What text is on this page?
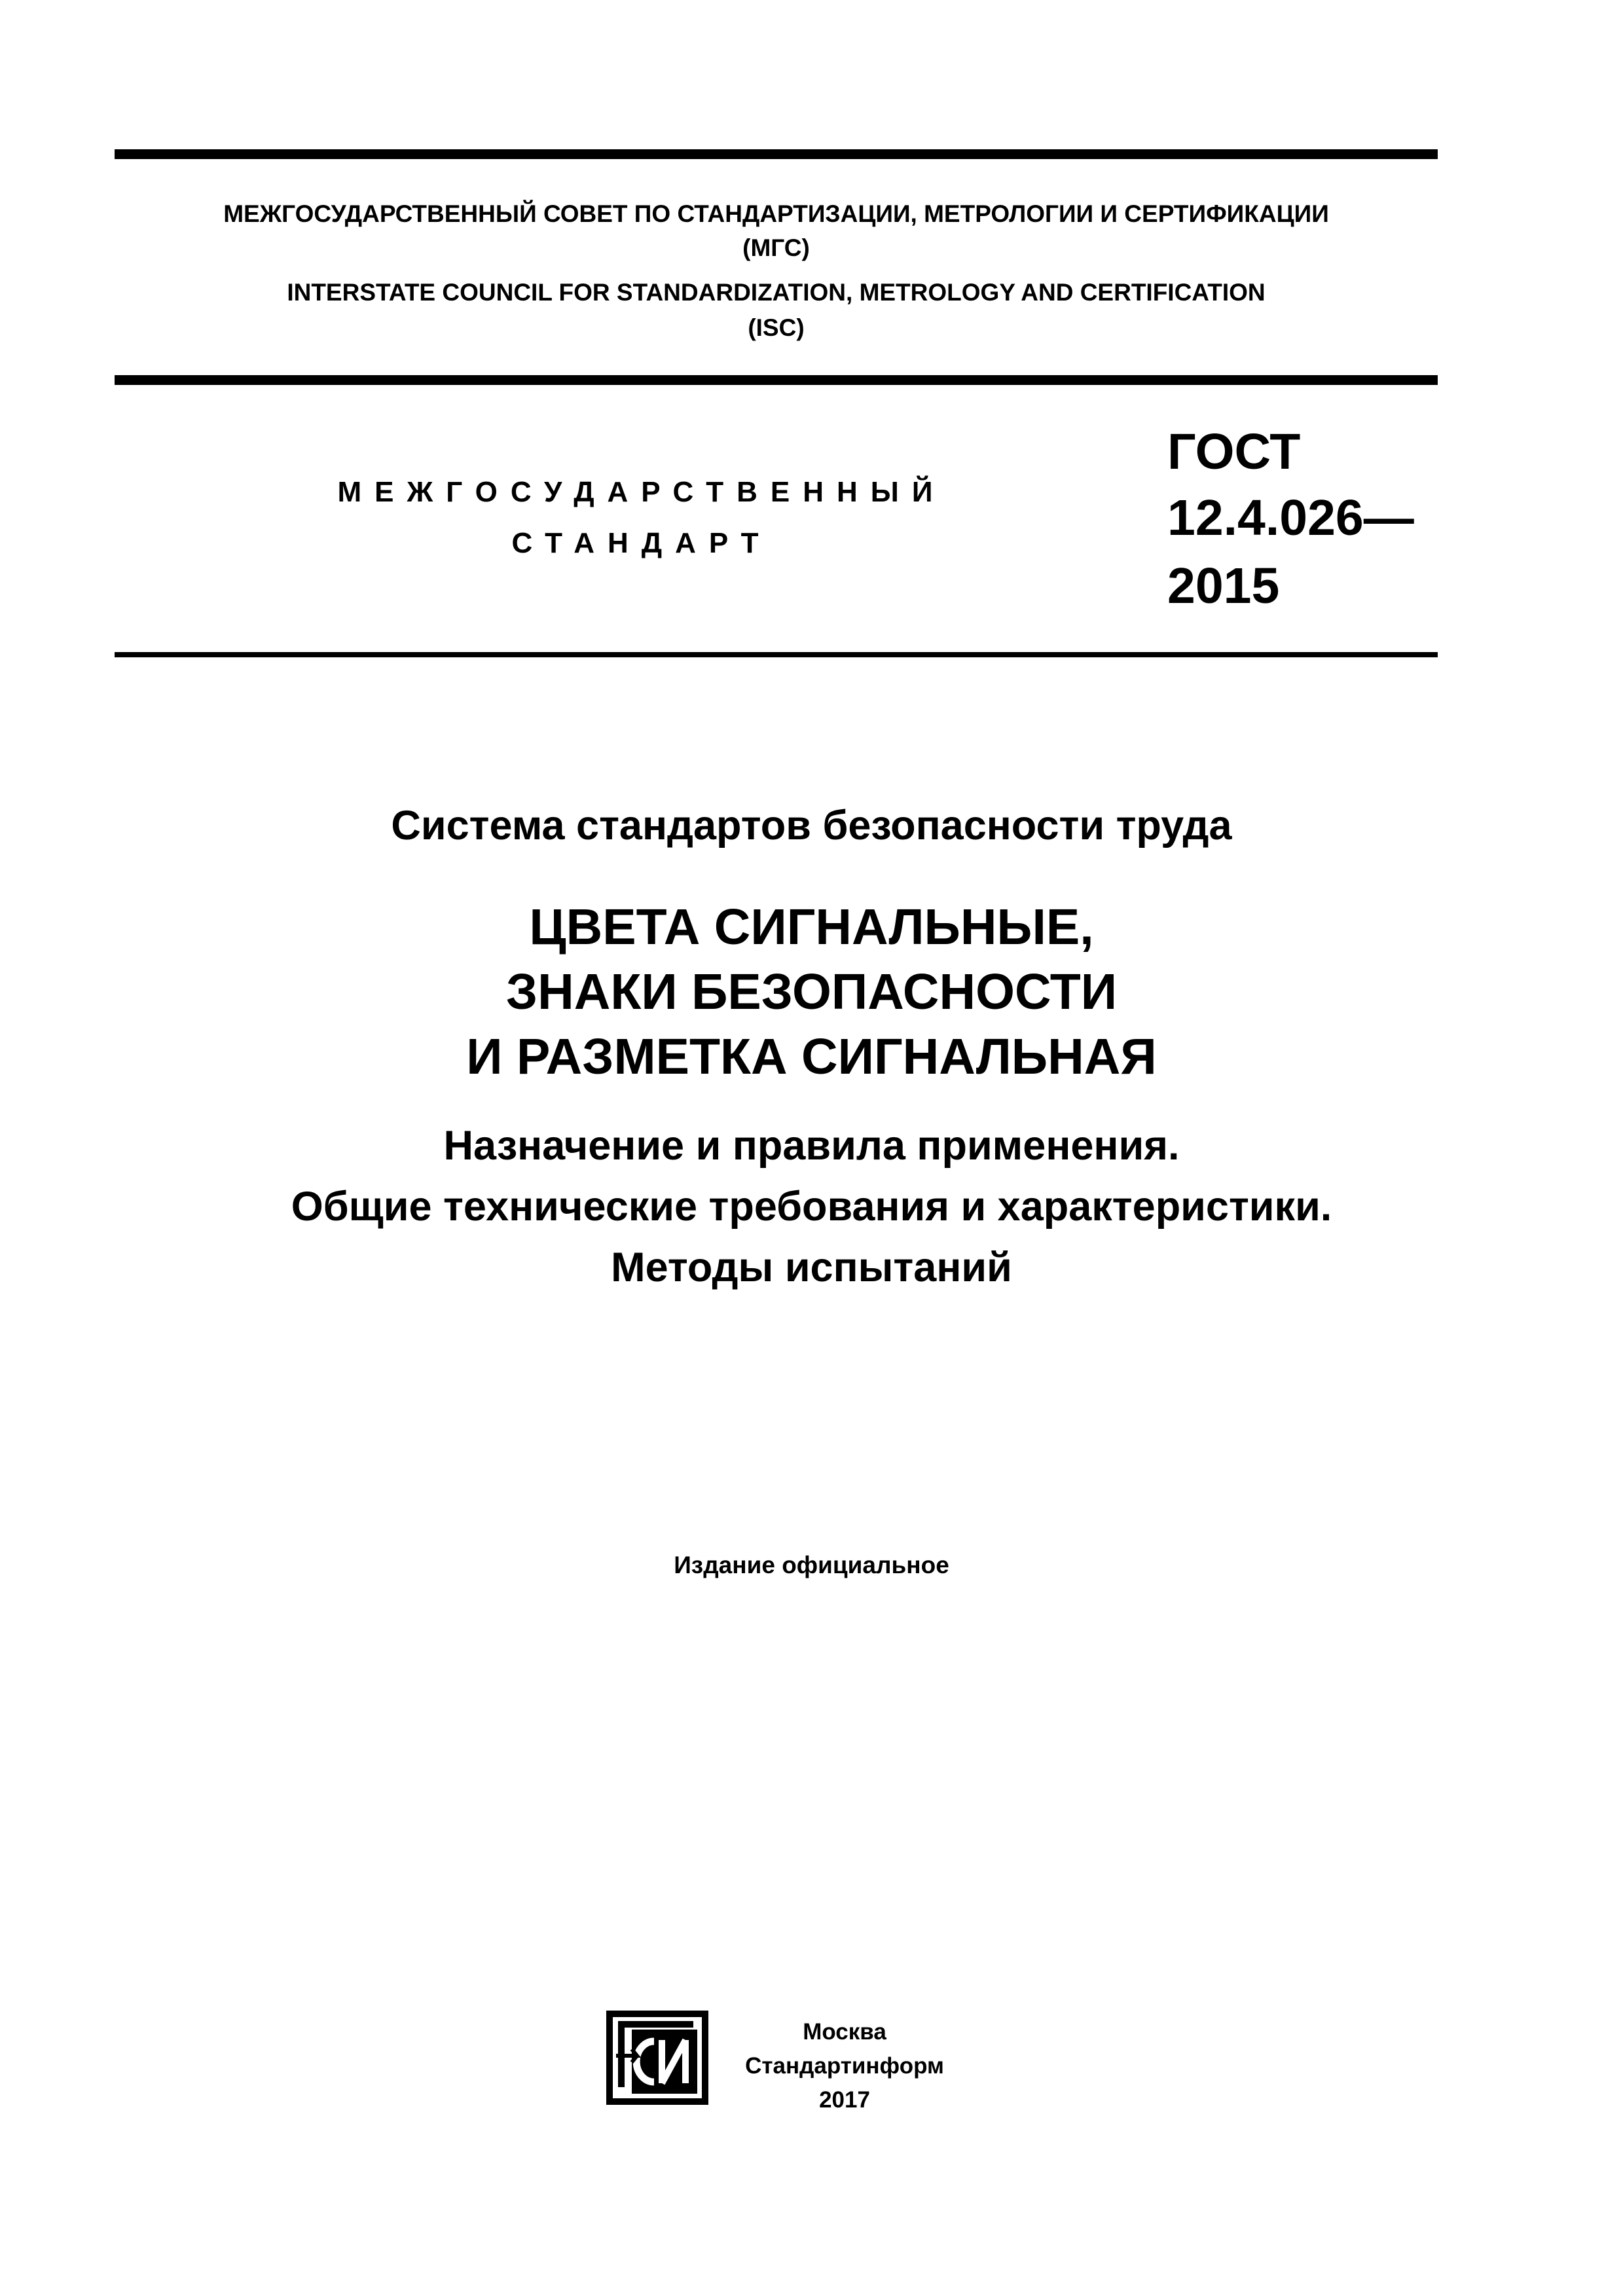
МЕЖГОСУДАРСТВЕННЫЙ СОВЕТ ПО СТАНДАРТИЗАЦИИ, МЕТРОЛОГИИ И СЕРТИФИКАЦИИ
(МГС)
INTERSTATE COUNCIL FOR STANDARDIZATION, METROLOGY AND CERTIFICATION
(ISC)
МЕЖГОСУДАРСТВЕННЫЙ
СТАНДАРТ
ГОСТ
12.4.026—
2015
Система стандартов безопасности труда
ЦВЕТА СИГНАЛЬНЫЕ,
ЗНАКИ БЕЗОПАСНОСТИ
И РАЗМЕТКА СИГНАЛЬНАЯ
Назначение и правила применения.
Общие технические требования и характеристики.
Методы испытаний
Издание официальное
Москва
Стандартинформ
2017
